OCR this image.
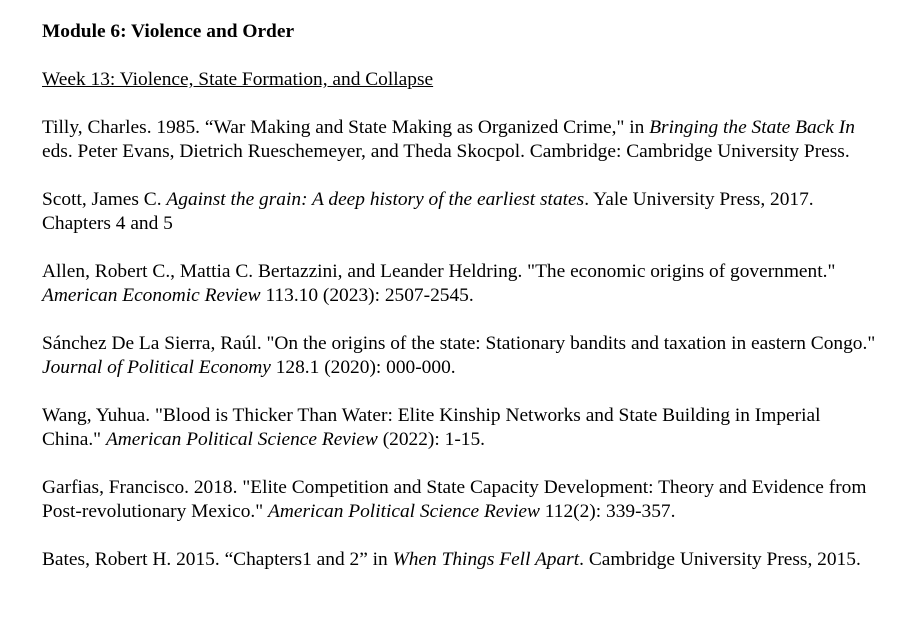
Module 6: Violence and Order

Week 13: Violence, State Formation, and Collapse

Tilly, Charles. 1985. “War Making and State Making as Organized Crime," in Bringing the State Back In eds. Peter Evans, Dietrich Rueschemeyer, and Theda Skocpol. Cambridge: Cambridge University Press.

Scott, James C. Against the grain: A deep history of the earliest states. Yale University Press, 2017. Chapters 4 and 5

Allen, Robert C., Mattia C. Bertazzini, and Leander Heldring. "The economic origins of government." American Economic Review 113.10 (2023): 2507-2545.

Sánchez De La Sierra, Raúl. "On the origins of the state: Stationary bandits and taxation in eastern Congo." Journal of Political Economy 128.1 (2020): 000-000.

Wang, Yuhua. "Blood is Thicker Than Water: Elite Kinship Networks and State Building in Imperial China." American Political Science Review (2022): 1-15.

Garfias, Francisco. 2018. "Elite Competition and State Capacity Development: Theory and Evidence from Post-revolutionary Mexico." American Political Science Review 112(2): 339-357.

Bates, Robert H. 2015. “Chapters1 and 2” in When Things Fell Apart. Cambridge University Press, 2015.
